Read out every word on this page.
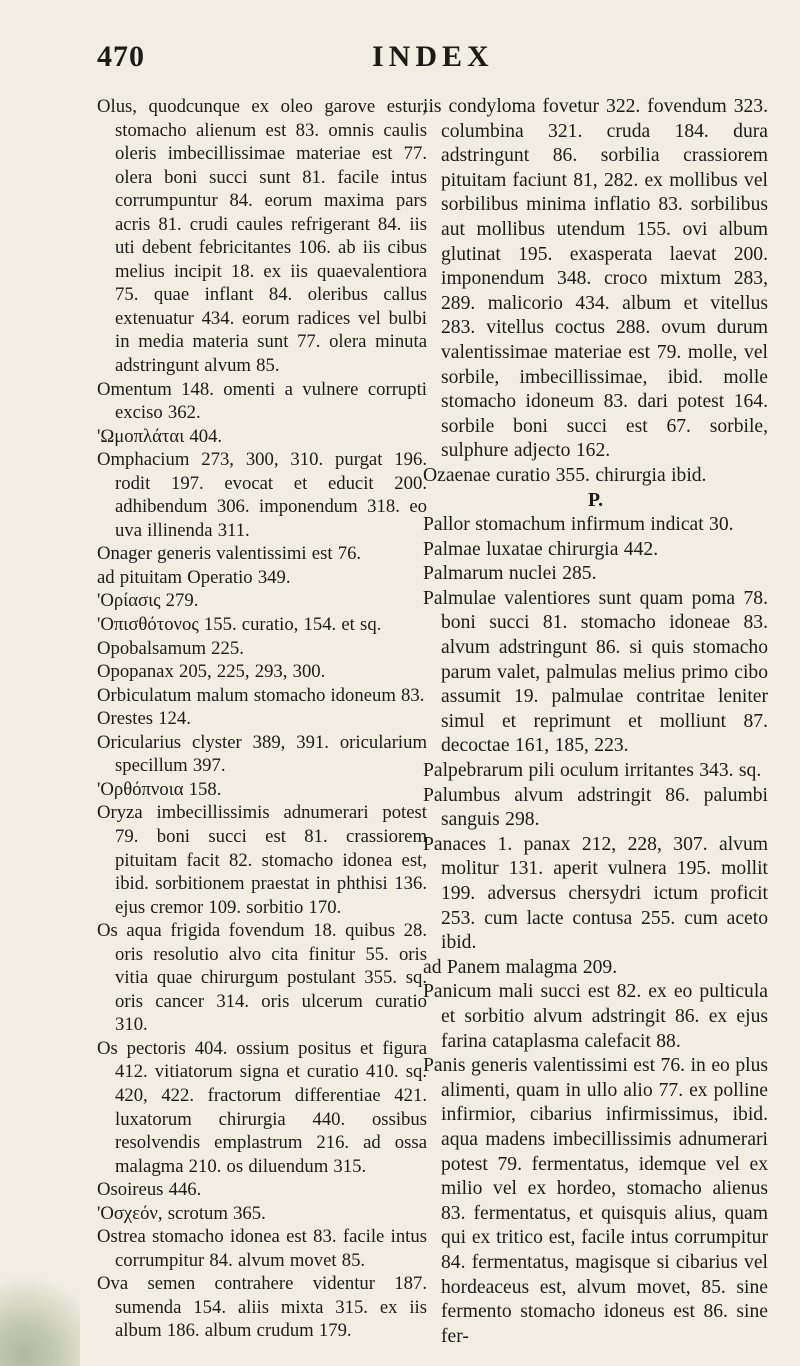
470	INDEX

Olus, quodcunque ex oleo garove estur, stomacho alienum est 83. omnis caulis oleris imbecillissimae materiae est 77. olera boni succi sunt 81. facile intus corrumpuntur 84. eorum maxima pars acris 81. crudi caules refrigerant 84. iis uti debent febricitantes 106. ab iis cibus melius incipit 18. ex iis quaevalentiora 75. quae inflant 84. oleribus callus extenuatur 434. eorum radices vel bulbi in media materia sunt 77. olera minuta adstringunt alvum 85.

Omentum 148. omenti a vulnere corrupti exciso 362.

'Ωμοπλάται 404.

Omphacium 273, 300, 310. purgat 196. rodit 197. evocat et educit 200. adhibendum 306. imponendum 318. eo uva illinenda 311.

Onager generis valentissimi est 76.

ad pituitam Operatio 349.

'Ορίασις 279.

'Οπισθότονος 155. curatio, 154. et sq.

Opobalsamum 225.

Opopanax 205, 225, 293, 300.

Orbiculatum malum stomacho idoneum 83.

Orestes 124.

Oricularius clyster 389, 391. oricularium specillum 397.

'Ορθόπνοια 158.

Oryza imbecillissimis adnumerari potest 79. boni succi est 81. crassiorem pituitam facit 82. stomacho idonea est, ibid. sorbitionem praestat in phthisi 136. ejus cremor 109. sorbitio 170.

Os aqua frigida fovendum 18. quibus 28. oris resolutio alvo cita finitur 55. oris vitia quae chirurgum postulant 355. sq. oris cancer 314. oris ulcerum curatio 310.

Os pectoris 404. ossium positus et figura 412. vitiatorum signa et curatio 410. sq. 420, 422. fractorum differentiae 421. luxatorum chirurgia 440. ossibus resolvendis emplastrum 216. ad ossa malagma 210. os diluendum 315.

Osoireus 446.

'Οσχεόν, scrotum 365.

Ostrea stomacho idonea est 83. facile intus corrumpitur 84. alvum movet 85.

Ova semen contrahere videntur 187. sumenda 154. aliis mixta 315. ex iis album 186. album crudum 179.

iis condyloma fovetur 322. fovendum 323. columbina 321. cruda 184. dura adstringunt 86. sorbilia crassiorem pituitam faciunt 81, 282. ex mollibus vel sorbilibus minima inflatio 83. sorbilibus aut mollibus utendum 155. ovi album glutinat 195. exasperata laevat 200. imponendum 348. croco mixtum 283, 289. malicorio 434. album et vitellus 283. vitellus coctus 288. ovum durum valentissimae materiae est 79. molle, vel sorbile, imbecillissimae, ibid. molle stomacho idoneum 83. dari potest 164. sorbile boni succi est 67. sorbile, sulphure adjecto 162.

Ozaenae curatio 355. chirurgia ibid.

P.

Pallor stomachum infirmum indicat 30.

Palmae luxatae chirurgia 442.

Palmarum nuclei 285.

Palmulae valentiores sunt quam poma 78. boni succi 81. stomacho idoneae 83. alvum adstringunt 86. si quis stomacho parum valet, palmulas melius primo cibo assumit 19. palmulae contritae leniter simul et reprimunt et molliunt 87. decoctae 161, 185, 223.

Palpebrarum pili oculum irritantes 343. sq.

Palumbus alvum adstringit 86. palumbi sanguis 298.

Panaces 1. panax 212, 228, 307. alvum molitur 131. aperit vulnera 195. mollit 199. adversus chersydri ictum proficit 253. cum lacte contusa 255. cum aceto ibid.

ad Panem malagma 209.

Panicum mali succi est 82. ex eo pulticula et sorbitio alvum adstringit 86. ex ejus farina cataplasma calefacit 88.

Panis generis valentissimi est 76. in eo plus alimenti, quam in ullo alio 77. ex polline infirmior, cibarius infirmissimus, ibid. aqua madens imbecillissimis adnumerari potest 79. fermentatus, idemque vel ex milio vel ex hordeo, stomacho alienus 83. fermentatus, et quisquis alius, quam qui ex tritico est, facile intus corrumpitur 84. fermentatus, magisque si cibarius vel hordeaceus est, alvum movet, 85. sine fermento stomacho idoneus est 86. sine fer-
